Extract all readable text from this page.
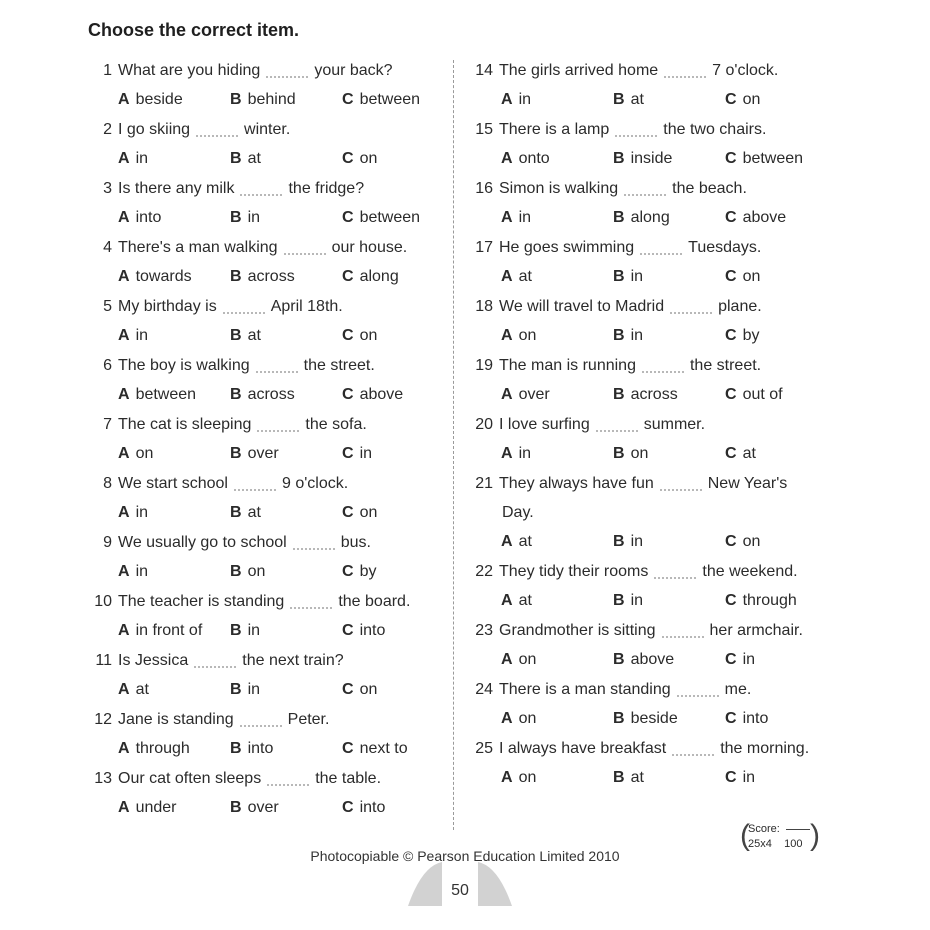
Choose the correct item.
1 What are you hiding	your back?
A beside	B behind	C between
2 I go skiing	winter.
A in	B at	C on
3 Is there any milk	the fridge?
A into	B in	C between
4 There's a man walking	our house.
A towards	B across	C along
5 My birthday is	April 18th.
A in	B at	C on
6 The boy is walking	the street.
A between	B across	C above
7 The cat is sleeping	the sofa.
A on	B over	C in
8 We start school	9 o'clock.
A in	B at	C on
9 We usually go to school	bus.
A in	B on	C by
10 The teacher is standing	the board.
A in front of	B in	C into
11 Is Jessica	the next train?
A at	B in	C on
12 Jane is standing	Peter.
A through	B into	C next to
13 Our cat often sleeps	the table.
A under	B over	C into
14 The girls arrived home	7 o'clock.
A in	B at	C on
15 There is a lamp	the two chairs.
A onto	B inside	C between
16 Simon is walking	the beach.
A in	B along	C above
17 He goes swimming	Tuesdays.
A at	B in	C on
18 We will travel to Madrid	plane.
A on	B in	C by
19 The man is running	the street.
A over	B across	C out of
20 I love surfing	summer.
A in	B on	C at
21 They always have fun	New Year's
Day.
A at	B in	C on
22 They tidy their rooms	the weekend.
A at	B in	C through
23 Grandmother is sitting	her armchair.
A on	B above	C in
24 There is a man standing	me.
A on	B beside	C into
25 I always have breakfast	the morning.
A on	B at	C in
(
Score:
25x4 100 )
Photocopiable © Pearson Education Limited 2010
50
